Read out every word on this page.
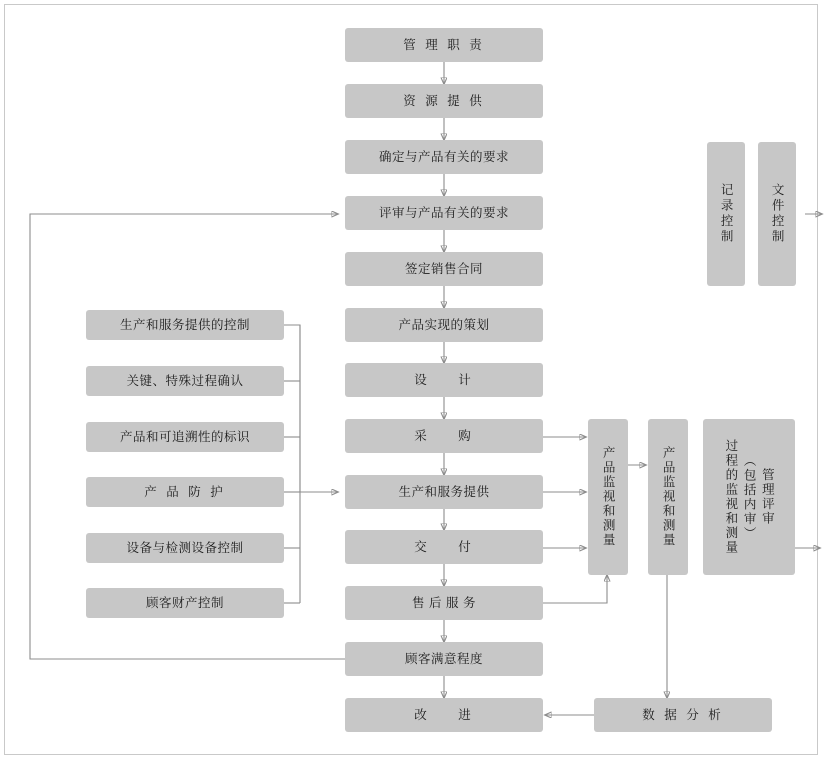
管 理 职 责
资 源 提 供
确定与产品有关的要求
评审与产品有关的要求
签定销售合同
产品实现的策划
设 　 计
采 　 购
生产和服务提供
交 　 付
售 后 服 务
顾客满意程度
改 　 进
生产和服务提供的控制
关键、特殊过程确认
产品和可追溯性的标识
产 品 防 护
设备与检测设备控制
顾客财产控制
记录控制	文件控制
产品监视和测量	产品监视和测量	管理评审
（包括内审）
过程的监视和测量
数 据 分 析
